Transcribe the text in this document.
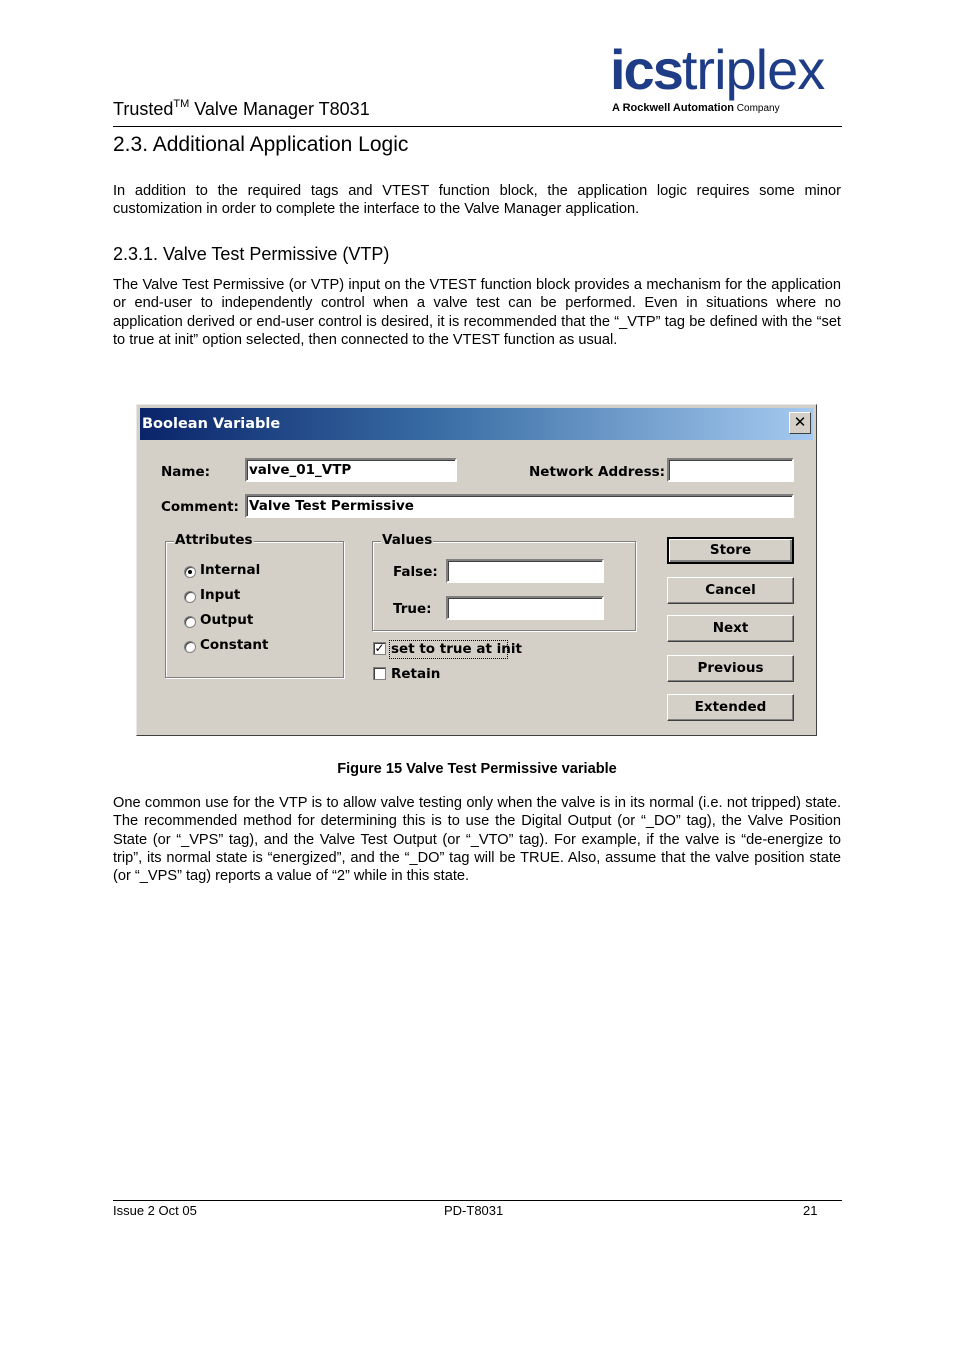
icstriplex
A Rockwell Automation Company
Trusted™ Valve Manager T8031
2.3. Additional Application Logic
In addition to the required tags and VTEST function block, the application logic requires some minor customization in order to complete the interface to the Valve Manager application.
2.3.1. Valve Test Permissive (VTP)
The Valve Test Permissive (or VTP) input on the VTEST function block provides a mechanism for the application or end-user to independently control when a valve test can be performed. Even in situations where no application derived or end-user control is desired, it is recommended that the “_VTP” tag be defined with the “set to true at init” option selected, then connected to the VTEST function as usual.
Boolean Variable	✕
Name:	valve_01_VTP	Network Address:
Comment: Valve Test Permissive
Attributes
Internal
Input
Output
Constant
Values
False:
True:
✓ set to true at init
Retain
Store
Cancel
Next
Previous
Extended
Figure 15 Valve Test Permissive variable
One common use for the VTP is to allow valve testing only when the valve is in its normal (i.e. not tripped) state. The recommended method for determining this is to use the Digital Output (or “_DO” tag), the Valve Position State (or “_VPS” tag), and the Valve Test Output (or “_VTO” tag). For example, if the valve is “de-energize to trip”, its normal state is “energized”, and the “_DO” tag will be TRUE. Also, assume that the valve position state (or “_VPS” tag) reports a value of “2” while in this state.
Issue 2 Oct 05	PD-T8031	21
